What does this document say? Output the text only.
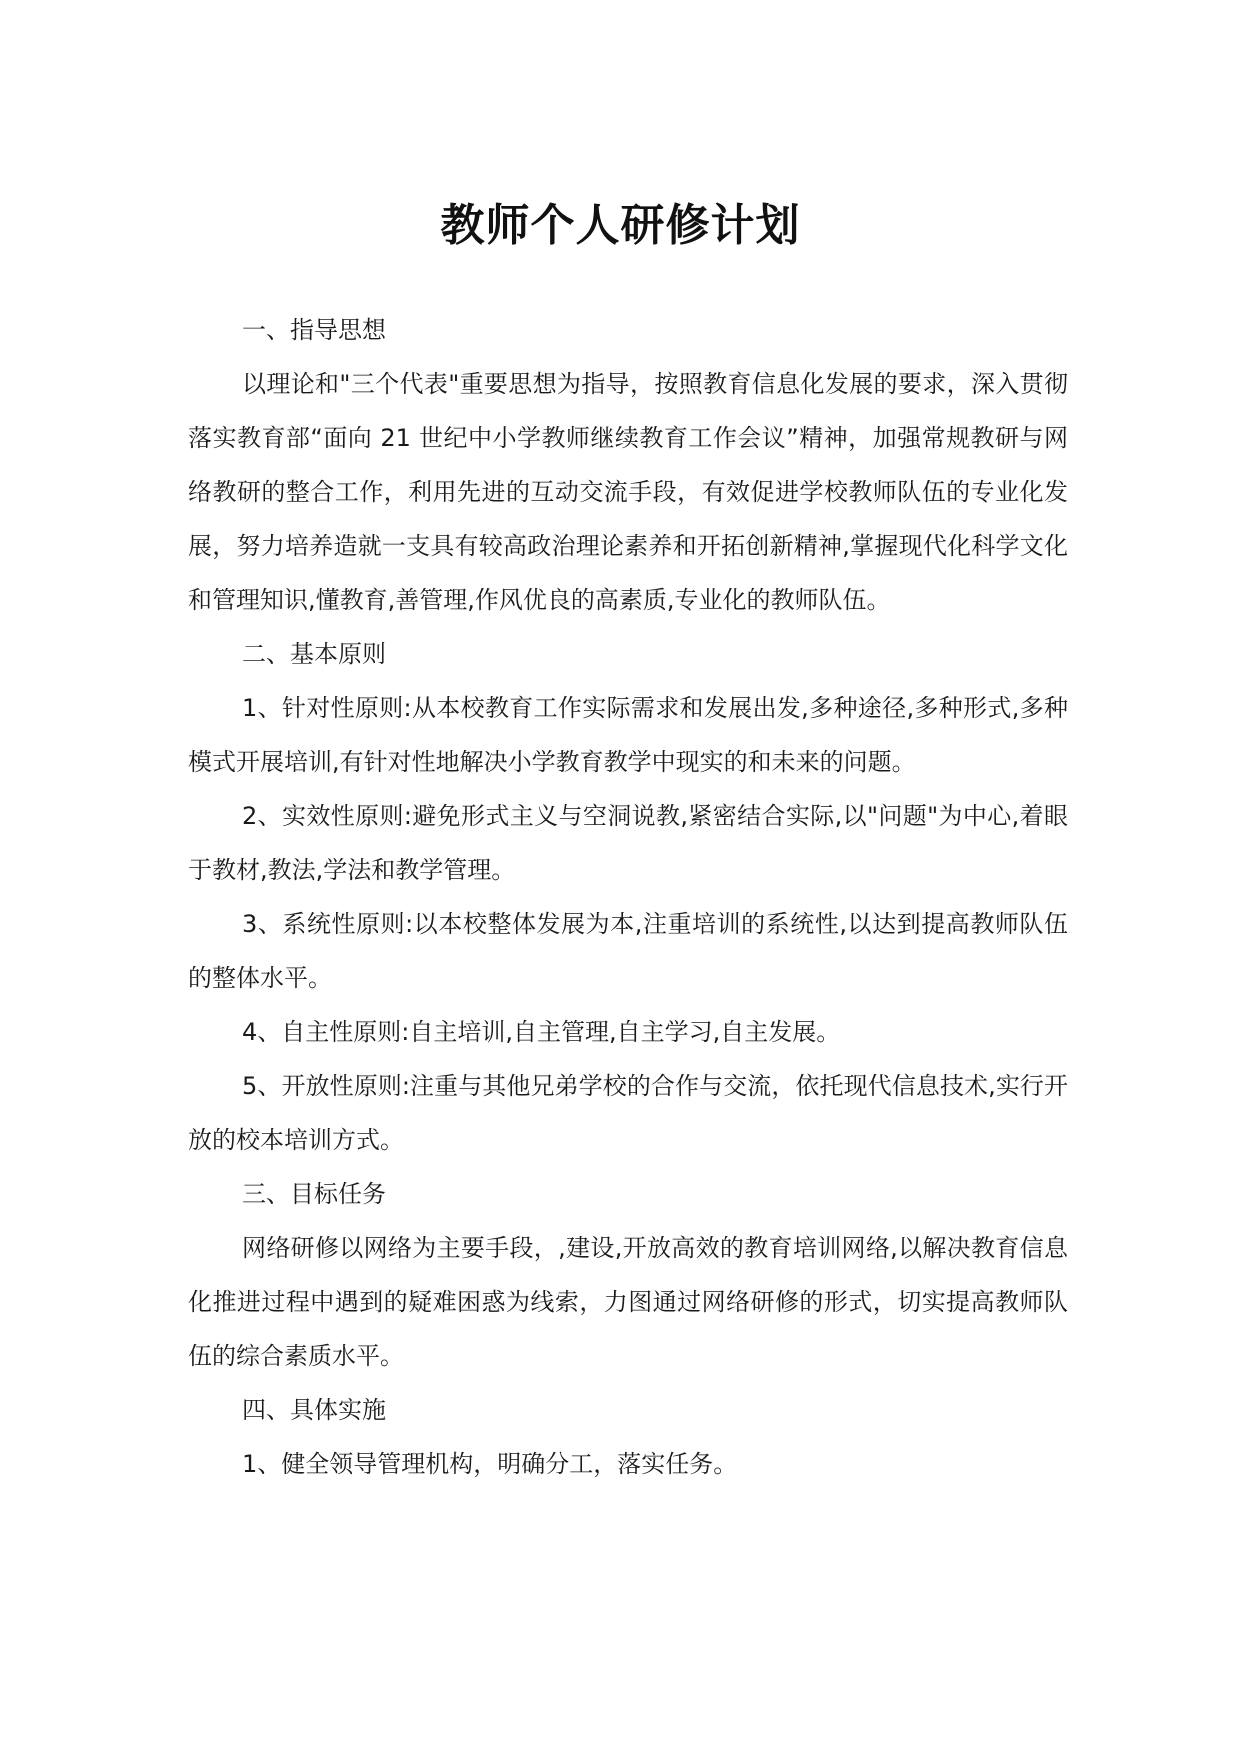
教师个人研修计划

一、指导思想

以理论和"三个代表"重要思想为指导，按照教育信息化发展的要求，深入贯彻落实教育部“面向 21 世纪中小学教师继续教育工作会议”精神，加强常规教研与网络教研的整合工作，利用先进的互动交流手段，有效促进学校教师队伍的专业化发展，努力培养造就一支具有较高政治理论素养和开拓创新精神,掌握现代化科学文化和管理知识,懂教育,善管理,作风优良的高素质,专业化的教师队伍。

二、基本原则

1、针对性原则:从本校教育工作实际需求和发展出发,多种途径,多种形式,多种模式开展培训,有针对性地解决小学教育教学中现实的和未来的问题。

2、实效性原则:避免形式主义与空洞说教,紧密结合实际,以"问题"为中心,着眼于教材,教法,学法和教学管理。

3、系统性原则:以本校整体发展为本,注重培训的系统性,以达到提高教师队伍的整体水平。

4、自主性原则:自主培训,自主管理,自主学习,自主发展。

5、开放性原则:注重与其他兄弟学校的合作与交流，依托现代信息技术,实行开放的校本培训方式。

三、目标任务

网络研修以网络为主要手段，,建设,开放高效的教育培训网络,以解决教育信息化推进过程中遇到的疑难困惑为线索，力图通过网络研修的形式，切实提高教师队伍的综合素质水平。

四、具体实施

1、健全领导管理机构，明确分工，落实任务。
